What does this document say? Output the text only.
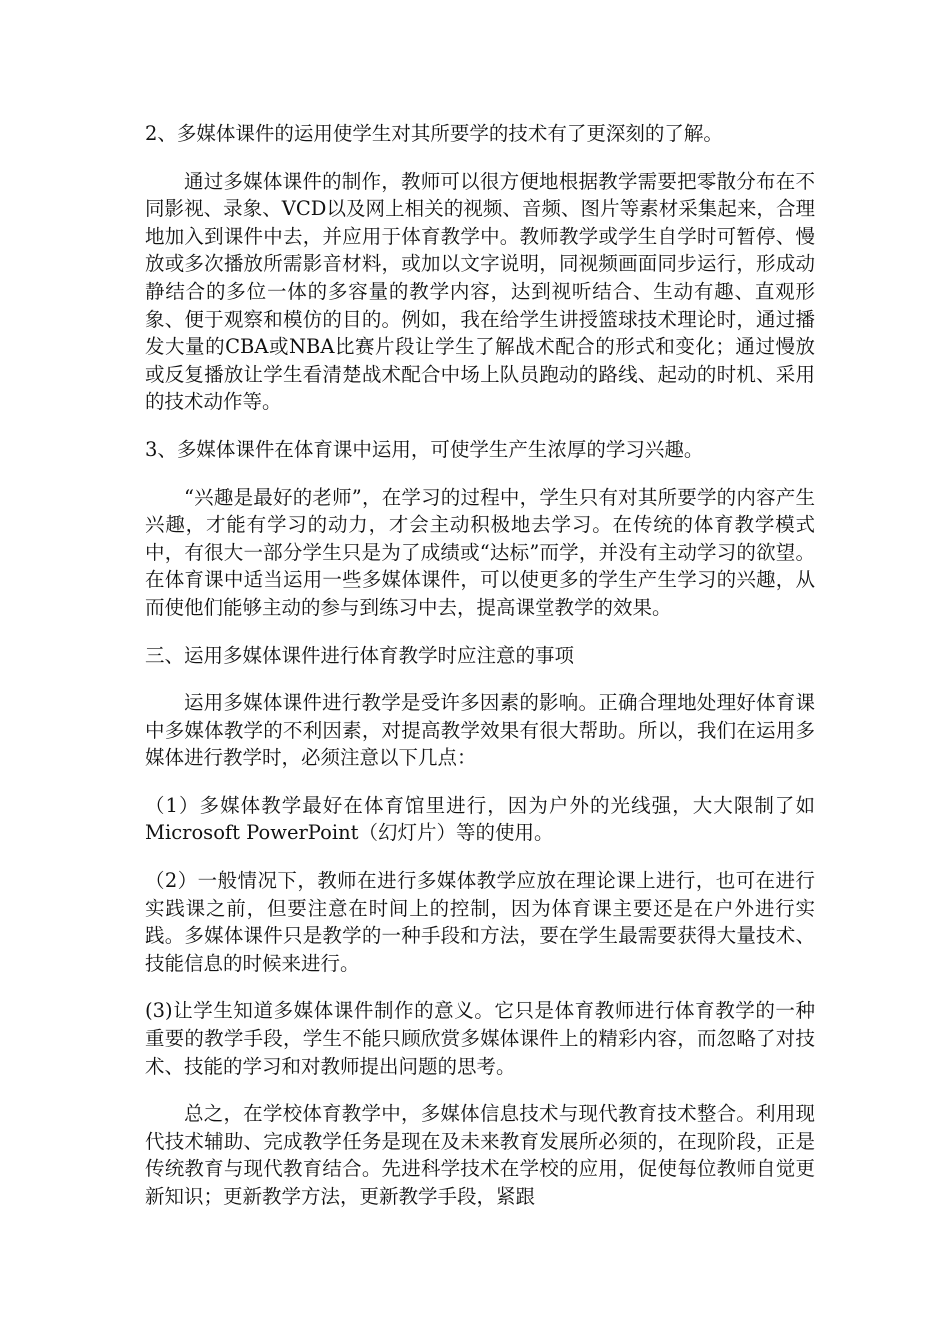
2、多媒体课件的运用使学生对其所要学的技术有了更深刻的了解。

通过多媒体课件的制作，教师可以很方便地根据教学需要把零散分布在不同影视、录象、VCD以及网上相关的视频、音频、图片等素材采集起来，合理地加入到课件中去，并应用于体育教学中。教师教学或学生自学时可暂停、慢放或多次播放所需影音材料，或加以文字说明，同视频画面同步运行，形成动静结合的多位一体的多容量的教学内容，达到视听结合、生动有趣、直观形象、便于观察和模仿的目的。例如，我在给学生讲授篮球技术理论时，通过播发大量的CBA或NBA比赛片段让学生了解战术配合的形式和变化；通过慢放或反复播放让学生看清楚战术配合中场上队员跑动的路线、起动的时机、采用的技术动作等。

3、多媒体课件在体育课中运用，可使学生产生浓厚的学习兴趣。

“兴趣是最好的老师”，在学习的过程中，学生只有对其所要学的内容产生兴趣，才能有学习的动力，才会主动积极地去学习。在传统的体育教学模式中，有很大一部分学生只是为了成绩或“达标”而学，并没有主动学习的欲望。在体育课中适当运用一些多媒体课件，可以使更多的学生产生学习的兴趣，从而使他们能够主动的参与到练习中去，提高课堂教学的效果。

三、运用多媒体课件进行体育教学时应注意的事项

运用多媒体课件进行教学是受许多因素的影响。正确合理地处理好体育课中多媒体教学的不利因素，对提高教学效果有很大帮助。所以，我们在运用多媒体进行教学时，必须注意以下几点：

（1）多媒体教学最好在体育馆里进行，因为户外的光线强，大大限制了如Microsoft PowerPoint（幻灯片）等的使用。

（2）一般情况下，教师在进行多媒体教学应放在理论课上进行，也可在进行实践课之前，但要注意在时间上的控制，因为体育课主要还是在户外进行实践。多媒体课件只是教学的一种手段和方法，要在学生最需要获得大量技术、技能信息的时候来进行。

(3)让学生知道多媒体课件制作的意义。它只是体育教师进行体育教学的一种重要的教学手段，学生不能只顾欣赏多媒体课件上的精彩内容，而忽略了对技术、技能的学习和对教师提出问题的思考。

总之，在学校体育教学中，多媒体信息技术与现代教育技术整合。利用现代技术辅助、完成教学任务是现在及未来教育发展所必须的，在现阶段，正是传统教育与现代教育结合。先进科学技术在学校的应用，促使每位教师自觉更新知识；更新教学方法，更新教学手段，紧跟
